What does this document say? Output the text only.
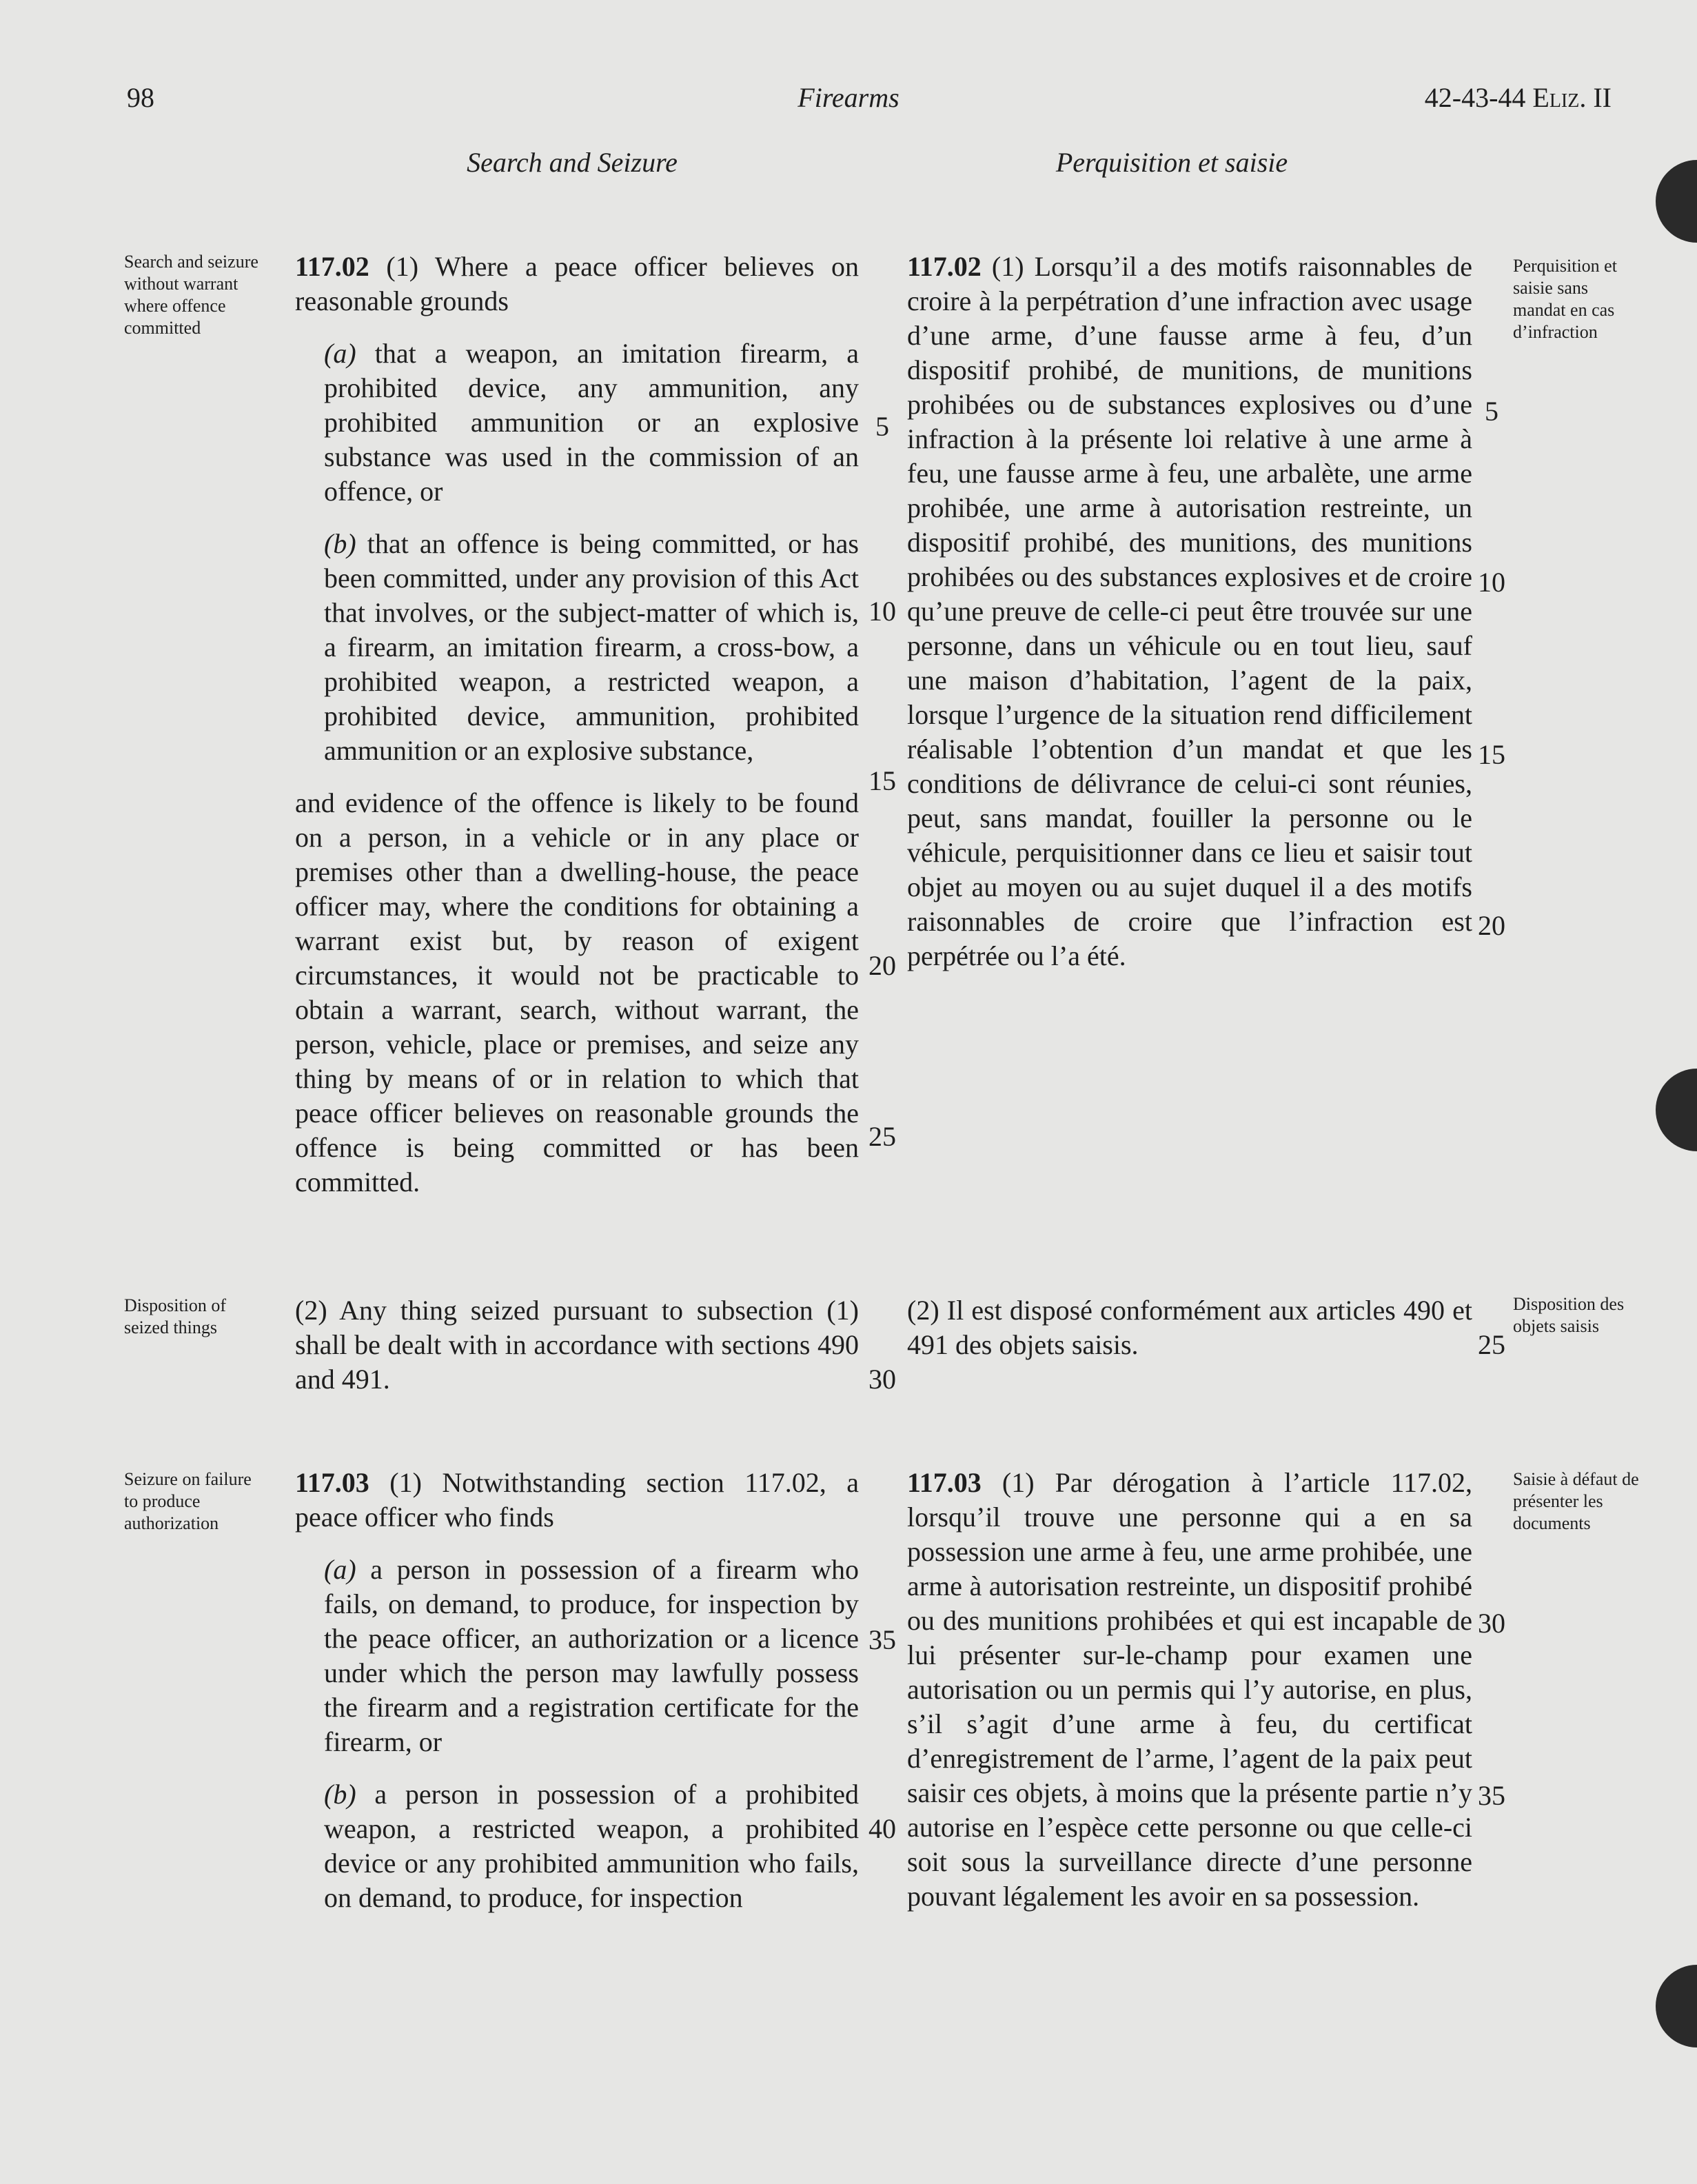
98	Firearms	42-43-44 Eliz. II
Search and Seizure	Perquisition et saisie

117.02 (1) Where a peace officer believes on reasonable grounds

(a) that a weapon, an imitation firearm, a prohibited device, any ammunition, any prohibited ammunition or an explosive substance was used in the commission of an offence, or

(b) that an offence is being committed, or has been committed, under any provision of this Act that involves, or the subject-matter of which is, a firearm, an imitation firearm, a cross-bow, a prohibited weapon, a restricted weapon, a prohibited device, ammunition, prohibited ammunition or an explosive substance,

and evidence of the offence is likely to be found on a person, in a vehicle or in any place or premises other than a dwelling-house, the peace officer may, where the conditions for obtaining a warrant exist but, by reason of exigent circumstances, it would not be practicable to obtain a warrant, search, without warrant, the person, vehicle, place or premises, and seize any thing by means of or in relation to which that peace officer believes on reasonable grounds the offence is being committed or has been committed.

(2) Any thing seized pursuant to subsection (1) shall be dealt with in accordance with sections 490 and 491.

117.03 (1) Notwithstanding section 117.02, a peace officer who finds

(a) a person in possession of a firearm who fails, on demand, to produce, for inspection by the peace officer, an authorization or a licence under which the person may lawfully possess the firearm and a registration certificate for the firearm, or

(b) a person in possession of a prohibited weapon, a restricted weapon, a prohibited device or any prohibited ammunition who fails, on demand, to produce, for inspection

117.02 (1) Lorsqu’il a des motifs raisonnables de croire à la perpétration d’une infraction avec usage d’une arme, d’une fausse arme à feu, d’un dispositif prohibé, de munitions, de munitions prohibées ou de substances explosives ou d’une infraction à la présente loi relative à une arme à feu, une fausse arme à feu, une arbalète, une arme prohibée, une arme à autorisation restreinte, un dispositif prohibé, des munitions, des munitions prohibées ou des substances explosives et de croire qu’une preuve de celle-ci peut être trouvée sur une personne, dans un véhicule ou en tout lieu, sauf une maison d’habitation, l’agent de la paix, lorsque l’urgence de la situation rend difficilement réalisable l’obtention d’un mandat et que les conditions de délivrance de celui-ci sont réunies, peut, sans mandat, fouiller la personne ou le véhicule, perquisitionner dans ce lieu et saisir tout objet au moyen ou au sujet duquel il a des motifs raisonnables de croire que l’infraction est perpétrée ou l’a été.

(2) Il est disposé conformément aux articles 490 et 491 des objets saisis.

117.03 (1) Par dérogation à l’article 117.02, lorsqu’il trouve une personne qui a en sa possession une arme à feu, une arme prohibée, une arme à autorisation restreinte, un dispositif prohibé ou des munitions prohibées et qui est incapable de lui présenter sur-le-champ pour examen une autorisation ou un permis qui l’y autorise, en plus, s’il s’agit d’une arme à feu, du certificat d’enregistrement de l’arme, l’agent de la paix peut saisir ces objets, à moins que la présente partie n’y autorise en l’espèce cette personne ou que celle-ci soit sous la surveillance directe d’une personne pouvant légalement les avoir en sa possession.

Search and seizure without warrant where offence committed
Disposition of seized things
Seizure on failure to produce authorization
Perquisition et saisie sans mandat en cas d’infraction
Disposition des objets saisis
Saisie à défaut de présenter les documents
5
10
15
20
25
30
35
40
5
10
15
20
25
30
35
